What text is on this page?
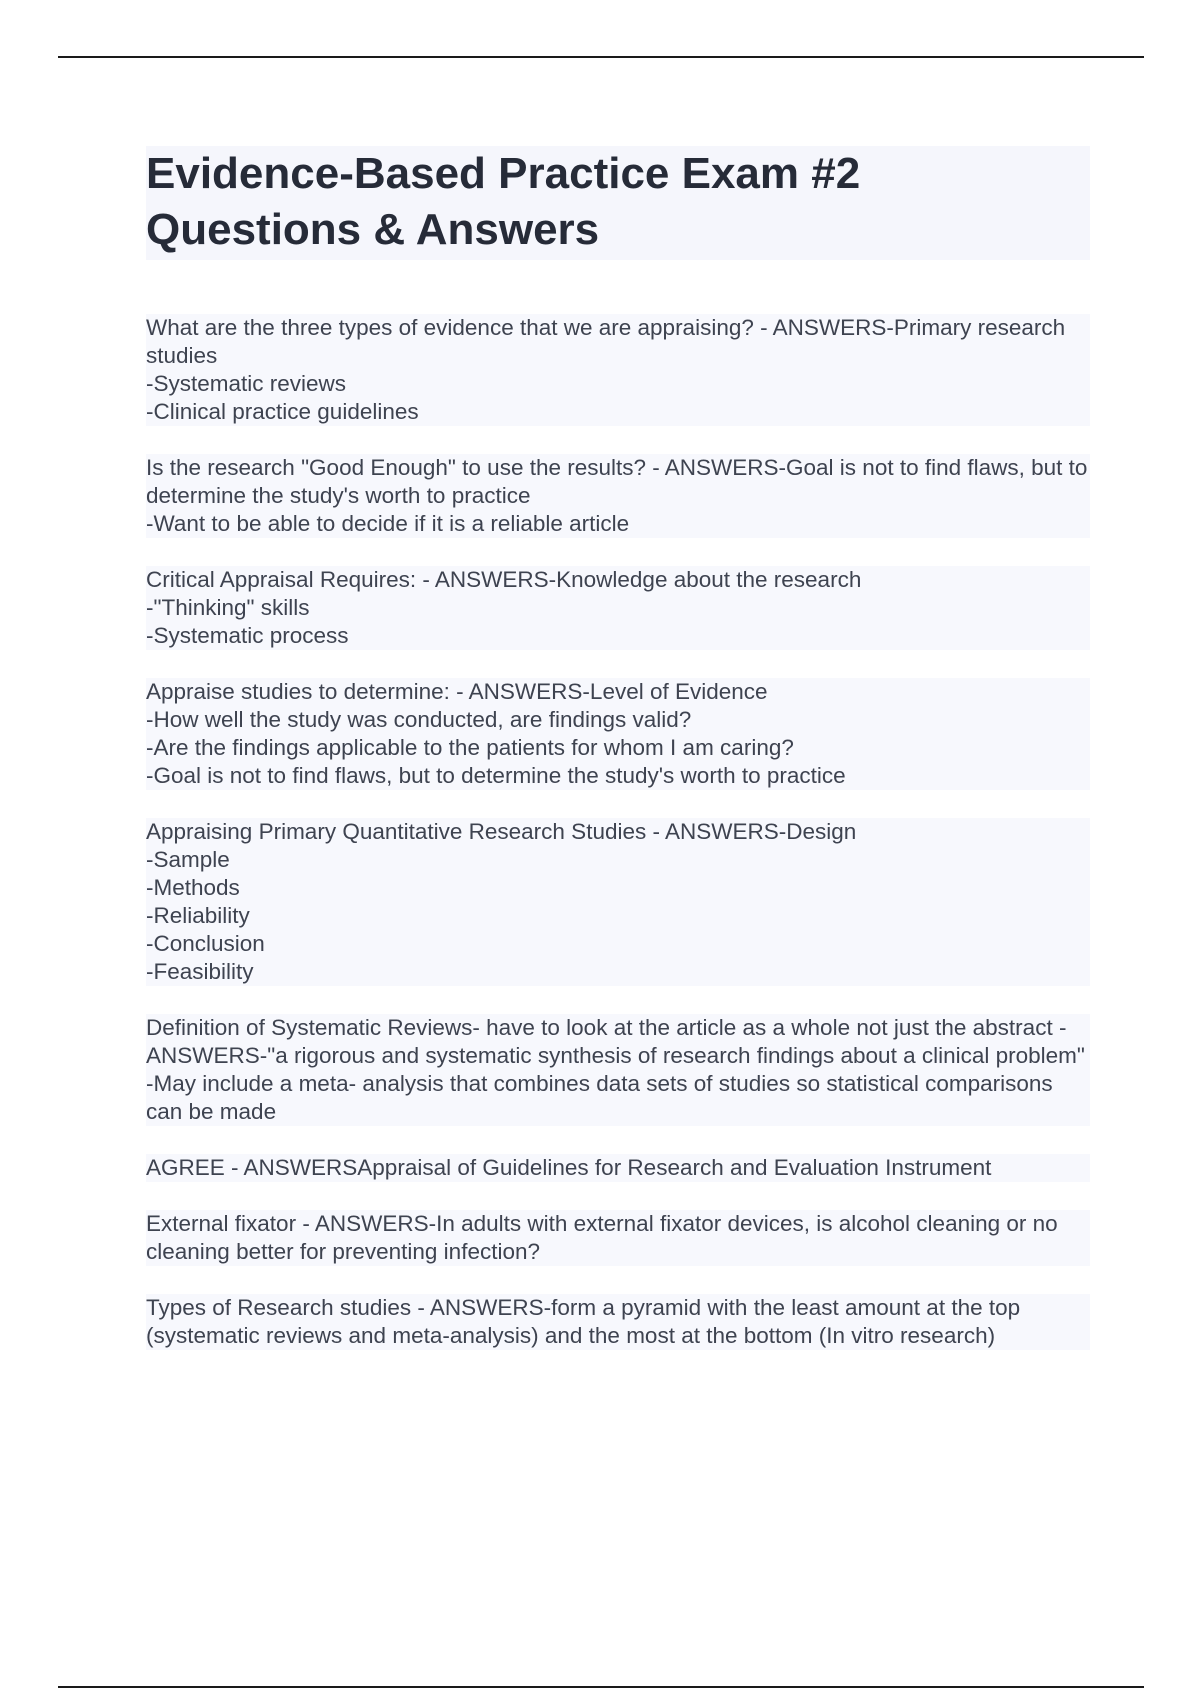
Evidence-Based Practice Exam #2
Questions & Answers
What are the three types of evidence that we are appraising? - ANSWERS-Primary research studies
-Systematic reviews
-Clinical practice guidelines
Is the research "Good Enough" to use the results? - ANSWERS-Goal is not to find flaws, but to determine the study's worth to practice
-Want to be able to decide if it is a reliable article
Critical Appraisal Requires: - ANSWERS-Knowledge about the research
-"Thinking" skills
-Systematic process
Appraise studies to determine: - ANSWERS-Level of Evidence
-How well the study was conducted, are findings valid?
-Are the findings applicable to the patients for whom I am caring?
-Goal is not to find flaws, but to determine the study's worth to practice
Appraising Primary Quantitative Research Studies - ANSWERS-Design
-Sample
-Methods
-Reliability
-Conclusion
-Feasibility
Definition of Systematic Reviews- have to look at the article as a whole not just the abstract - ANSWERS-"a rigorous and systematic synthesis of research findings about a clinical problem"
-May include a meta- analysis that combines data sets of studies so statistical comparisons can be made
AGREE - ANSWERSAppraisal of Guidelines for Research and Evaluation Instrument
External fixator - ANSWERS-In adults with external fixator devices, is alcohol cleaning or no cleaning better for preventing infection?
Types of Research studies - ANSWERS-form a pyramid with the least amount at the top (systematic reviews and meta-analysis) and the most at the bottom (In vitro research)
